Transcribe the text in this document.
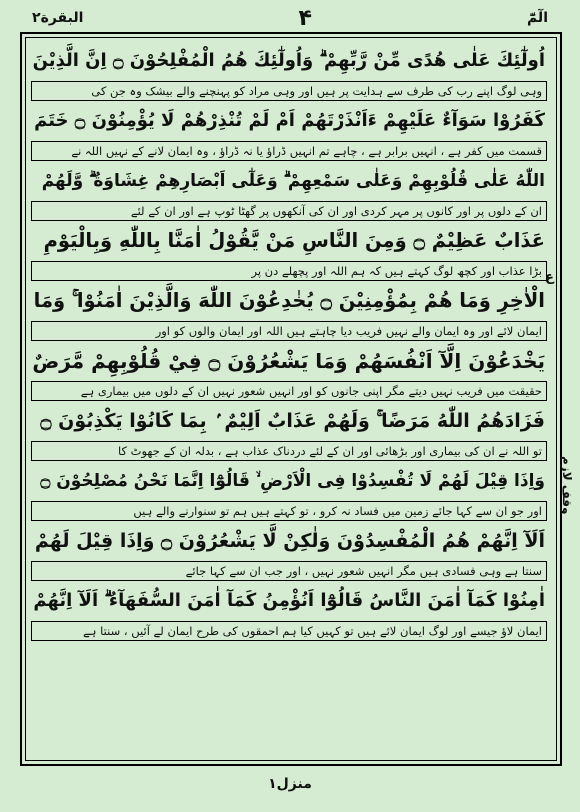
الٓمّٓ
۴
البقرة۲
اُولٰٓئِكَ عَلٰى هُدًى مِّنْ رَّبِّهِمْ ۗ وَاُولٰٓئِكَ هُمُ الْمُفْلِحُوْنَ ۝ اِنَّ الَّذِيْنَ
وہی لوگ اپنے رب کی طرف سے ہدایت پر ہیں اور وہی مراد کو پہنچنے والے بیشک وہ جن کی
كَفَرُوْا سَوَآءٌ عَلَيْهِمْ ءَاَنْذَرْتَهُمْ اَمْ لَمْ تُنْذِرْهُمْ لَا يُؤْمِنُوْنَ ۝ خَتَمَ
قسمت میں کفر ہے ، انہیں برابر ہے ، چاہے تم انہیں ڈراؤ یا نہ ڈراؤ ، وہ ایمان لانے کے نہیں اللہ نے
اللّٰهُ عَلٰى قُلُوْبِهِمْ وَعَلٰى سَمْعِهِمْ ۗ وَعَلٰٓى اَبْصَارِهِمْ غِشَاوَةٌ ۗ وَّلَهُمْ
ان کے دلوں پر اور کانوں پر مہر کردی اور ان کی آنکھوں پر گھٹا ٹوپ ہے اور ان کے لئے
عَذَابٌ عَظِيْمٌ ۝ وَمِنَ النَّاسِ مَنْ يَّقُوْلُ اٰمَنَّا بِاللّٰهِ وَبِالْيَوْمِ
بڑا عذاب اور کچھ لوگ کہتے ہیں کہ ہم اللہ اور پچھلے دن پر
الْاٰخِرِ وَمَا هُمْ بِمُؤْمِنِيْنَ ۝ يُخٰدِعُوْنَ اللّٰهَ وَالَّذِيْنَ اٰمَنُوْا ۚ وَمَا
ایمان لائے اور وہ ایمان والے نہیں فریب دیا چاہتے ہیں اللہ اور ایمان والوں کو اور
يَخْدَعُوْنَ اِلَّآ اَنْفُسَهُمْ وَمَا يَشْعُرُوْنَ ۝ فِيْ قُلُوْبِهِمْ مَّرَضٌ
حقیقت میں فریب نہیں دیتے مگر اپنی جانوں کو اور انہیں شعور نہیں ان کے دلوں میں بیماری ہے
فَزَادَهُمُ اللّٰهُ مَرَضًا ۚ وَلَهُمْ عَذَابٌ اَلِيْمٌ ۢ بِمَا كَانُوْا يَكْذِبُوْنَ ۝
تو اللہ نے ان کی بیماری اور بڑھائی اور ان کے لئے دردناک عذاب ہے ، بدلہ ان کے جھوٹ کا
وَاِذَا قِيْلَ لَهُمْ لَا تُفْسِدُوْا فِى الْاَرْضِ ۙ قَالُوْٓا اِنَّمَا نَحْنُ مُصْلِحُوْنَ ۝
اور جو ان سے کہا جائے زمین میں فساد نہ کرو ، تو کہتے ہیں ہم تو سنوارنے والے ہیں
اَلَآ اِنَّهُمْ هُمُ الْمُفْسِدُوْنَ وَلٰكِنْ لَّا يَشْعُرُوْنَ ۝ وَاِذَا قِيْلَ لَهُمْ
سنتا ہے وہی فسادی ہیں مگر انہیں شعور نہیں ، اور جب ان سے کہا جائے
اٰمِنُوْا كَمَآ اٰمَنَ النَّاسُ قَالُوْٓا اَنُؤْمِنُ كَمَآ اٰمَنَ السُّفَهَآءُ ۗ اَلَآ اِنَّهُمْ
ایمان لاؤ جیسے اور لوگ ایمان لائے ہیں تو کہیں کیا ہم احمقوں کی طرح ایمان لے آئیں ، سنتا ہے
ع
وقف لازم
منزل۱
